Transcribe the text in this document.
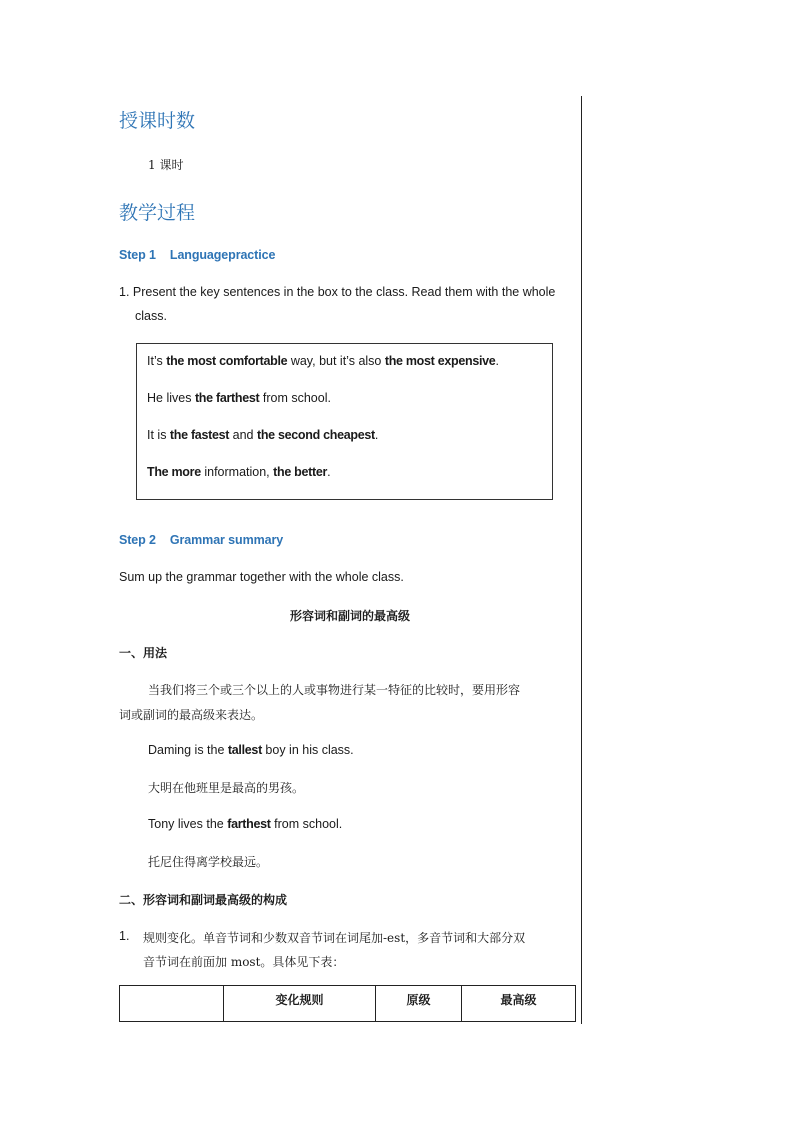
授课时数
1 课时
教学过程
Step 1 Languagepractice
1. Present the key sentences in the box to the class. Read them with the whole
class.
It’s the most comfortable way, but it’s also the most expensive.
He lives the farthest from school.
It is the fastest and the second cheapest.
The more information, the better.
Step 2 Grammar summary
Sum up the grammar together with the whole class.
形容词和副词的最高级
一、用法
当我们将三个或三个以上的人或事物进行某一特征的比较时，要用形容
词或副词的最高级来表达。
Daming is the tallest boy in his class.
大明在他班里是最高的男孩。
Tony lives the farthest from school.
托尼住得离学校最远。
二、形容词和副词最高级的构成
1. 规则变化。单音节词和少数双音节词在词尾加-est，多音节词和大部分双
音节词在前面加 most。具体见下表：
	变化规则	原级	最高级
